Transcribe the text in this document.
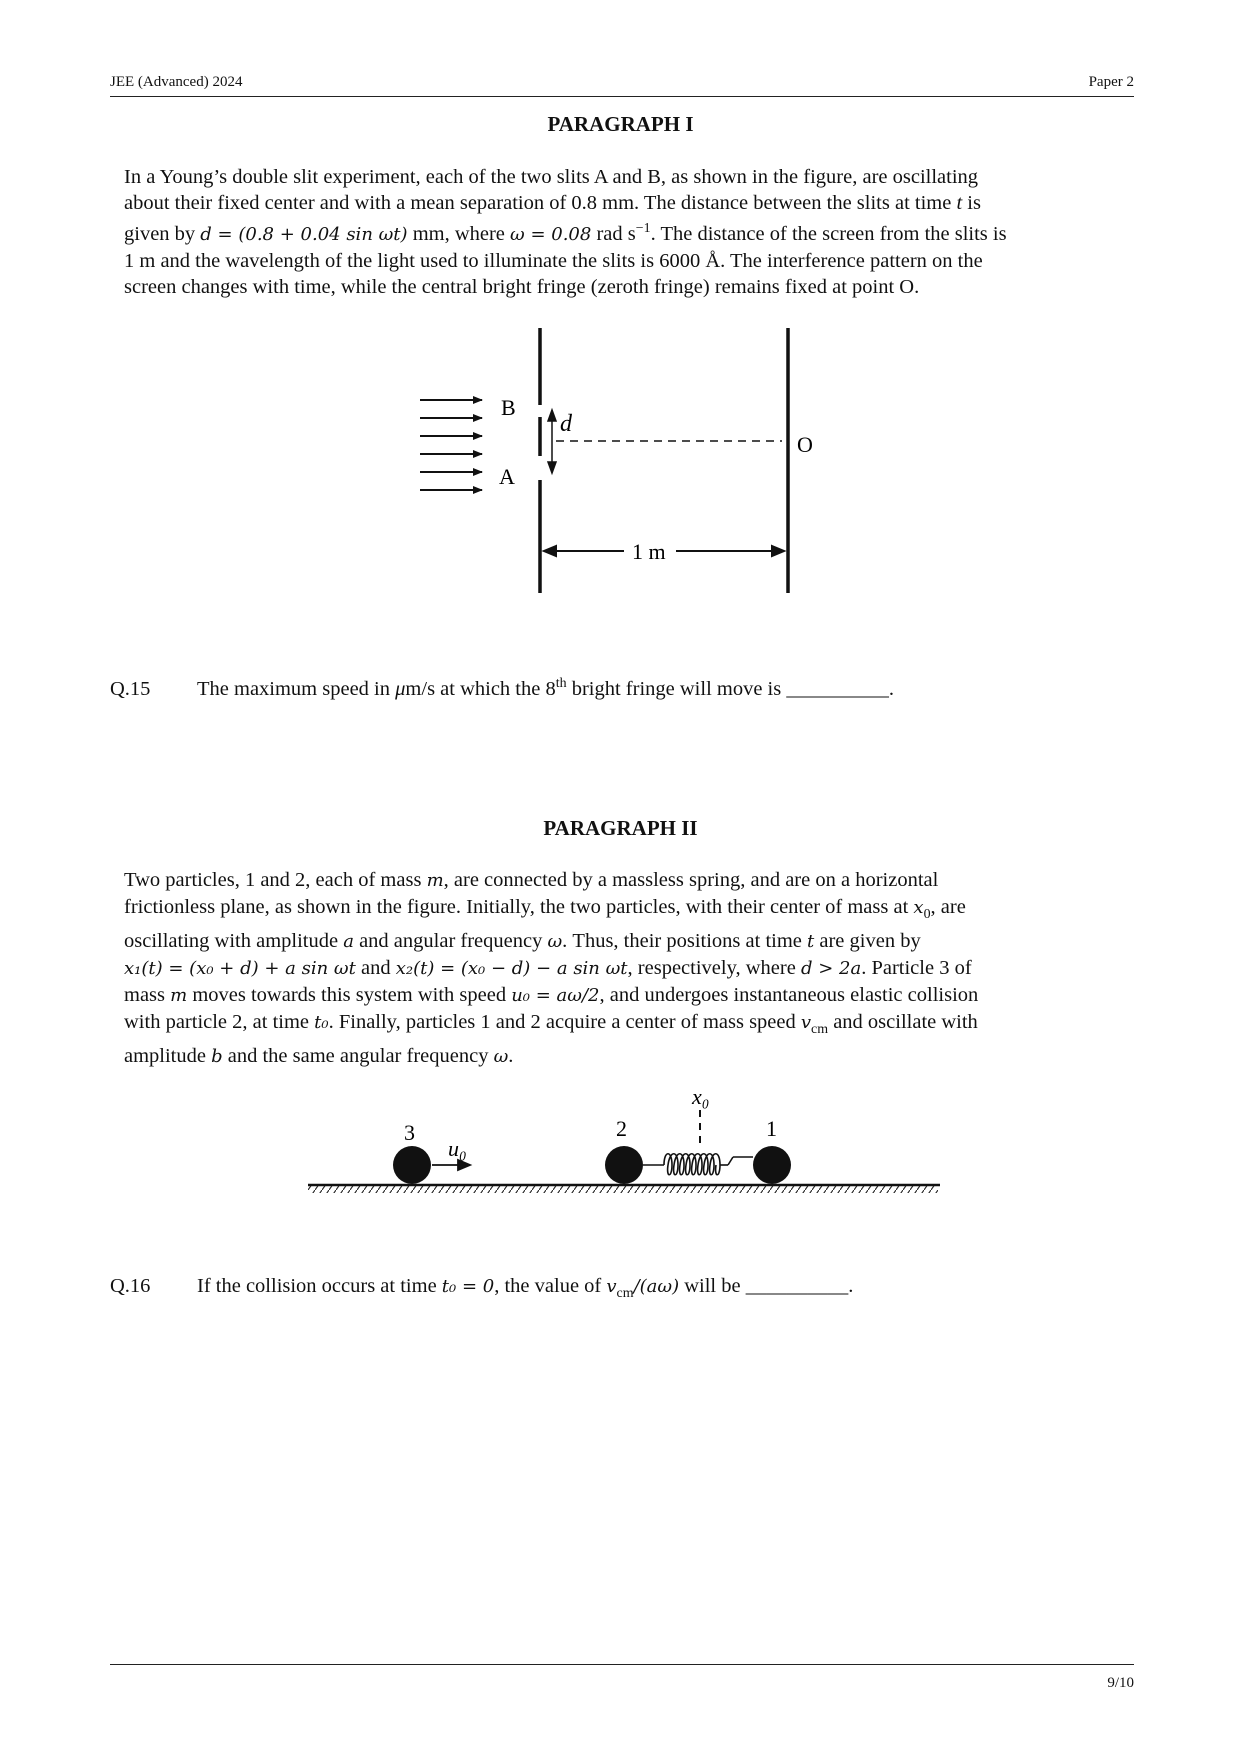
JEE (Advanced) 2024	Paper 2
PARAGRAPH I
In a Young’s double slit experiment, each of the two slits A and B, as shown in the figure, are oscillating
about their fixed center and with a mean separation of 0.8 mm. The distance between the slits at time t is
given by d = (0.8 + 0.04 sin ωt) mm, where ω = 0.08 rad $s^{-1}$. The distance of the screen from the slits is
1 m and the wavelength of the light used to illuminate the slits is 6000 Å. The interference pattern on the
screen changes with time, while the central bright fringe (zeroth fringe) remains fixed at point O.
B
A
d
O
1 m
Q.15 The maximum speed in μm/s at which the 8th bright fringe will move is __________.
PARAGRAPH II
Two particles, 1 and 2, each of mass m, are connected by a massless spring, and are on a horizontal
frictionless plane, as shown in the figure. Initially, the two particles, with their center of mass at $x_0$, are
oscillating with amplitude a and angular frequency ω. Thus, their positions at time t are given by
x₁(t) = (x₀ + d) + a sin ωt and x₂(t) = (x₀ − d) − a sin ωt, respectively, where d > 2a. Particle 3 of
mass m moves towards this system with speed u₀ = aω/2, and undergoes instantaneous elastic collision
with particle 2, at time t₀. Finally, particles 1 and 2 acquire a center of mass speed $v_{cm}$ and oscillate with
amplitude b and the same angular frequency ω.
3	2	1
u₀
x₀
Q.16 If the collision occurs at time t₀ = 0, the value of $v_{cm}/(a\omega)$ will be __________.
9/10
